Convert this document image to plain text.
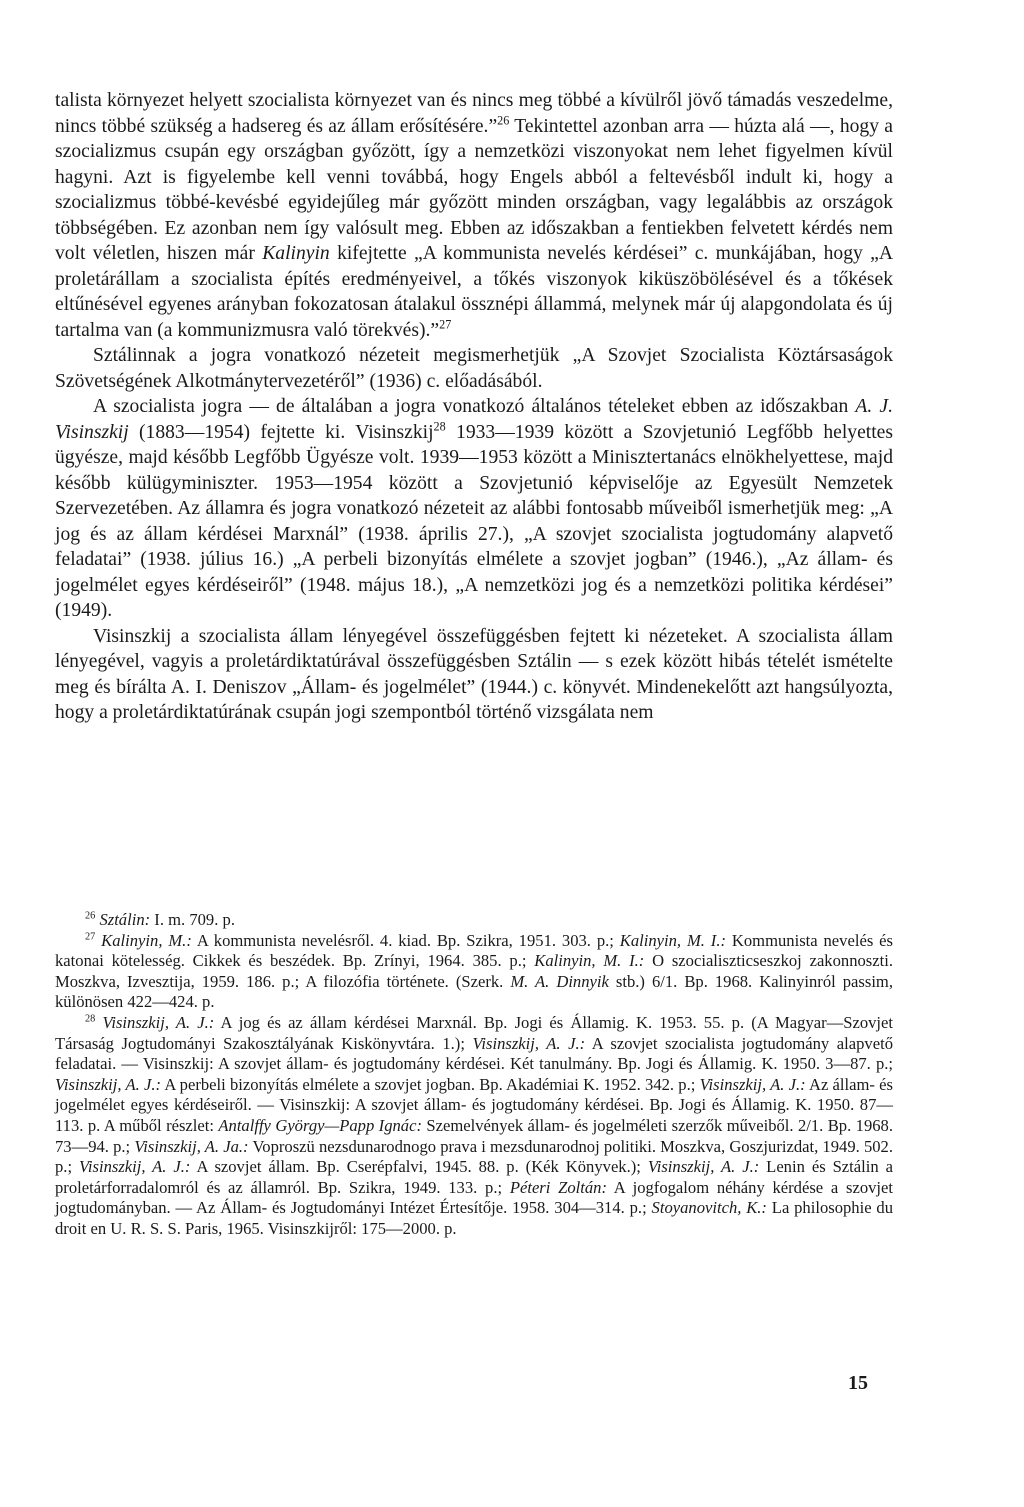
talista környezet helyett szocialista környezet van és nincs meg többé a kívülről jövő támadás veszedelme, nincs többé szükség a hadsereg és az állam erősítésére.”$^{26}$ Tekintettel azonban arra — húzta alá —, hogy a szocializmus csupán egy országban győzött, így a nemzetközi viszonyokat nem lehet figyelmen kívül hagyni. Azt is figyelembe kell venni továbbá, hogy Engels abból a feltevésből indult ki, hogy a szocializmus többé-kevésbé egyidejűleg már győzött minden országban, vagy legalábbis az országok többségében. Ez azonban nem így valósult meg. Ebben az időszakban a fentiekben felvetett kérdés nem volt véletlen, hiszen már Kalinyin kifejtette „A kommunista nevelés kérdései” c. munkájában, hogy „A proletárállam a szocialista építés eredményeivel, a tőkés viszonyok kiküszöbölésével és a tőkések eltűnésével egyenes arányban fokozatosan átalakul össznépi állammá, melynek már új alapgondolata és új tartalma van (a kommunizmusra való törekvés).”$^{27}$

Sztálinnak a jogra vonatkozó nézeteit megismerhetjük „A Szovjet Szocialista Köztársaságok Szövetségének Alkotmánytervezetéről” (1936) c. előadásából.

A szocialista jogra — de általában a jogra vonatkozó általános tételeket ebben az időszakban A. J. Visinszkij (1883—1954) fejtette ki. Visinszkij$^{28}$ 1933—1939 között a Szovjetunió Legfőbb helyettes ügyésze, majd később Legfőbb Ügyésze volt. 1939—1953 között a Minisztertanács elnökhelyettese, majd később külügyminiszter. 1953—1954 között a Szovjetunió képviselője az Egyesült Nemzetek Szervezetében. Az államra és jogra vonatkozó nézeteit az alábbi fontosabb műveiből ismerhetjük meg: „A jog és az állam kérdései Marxnál” (1938. április 27.), „A szovjet szocialista jogtudomány alapvető feladatai” (1938. július 16.) „A perbeli bizonyítás elmélete a szovjet jogban” (1946.), „Az állam- és jogelmélet egyes kérdéseiről” (1948. május 18.), „A nemzetközi jog és a nemzetközi politika kérdései” (1949).

Visinszkij a szocialista állam lényegével összefüggésben fejtett ki nézeteket. A szocialista állam lényegével, vagyis a proletárdiktatúrával összefüggésben Sztálin — s ezek között hibás tételét ismételte meg és bírálta A. I. Deniszov „Állam- és jogelmélet” (1944.) c. könyvét. Mindenekelőtt azt hangsúlyozta, hogy a proletárdiktatúrának csupán jogi szempontból történő vizsgálata nem

$^{26}$ Sztálin: I. m. 709. p.

$^{27}$ Kalinyin, M.: A kommunista nevelésről. 4. kiad. Bp. Szikra, 1951. 303. p.; Kalinyin, M. I.: Kommunista nevelés és katonai kötelesség. Cikkek és beszédek. Bp. Zrínyi, 1964. 385. p.; Kalinyin, M. I.: O szocialiszticseszkoj zakonnoszti. Moszkva, Izvesztija, 1959. 186. p.; A filozófia története. (Szerk. M. A. Dinnyik stb.) 6/1. Bp. 1968. Kalinyinról passim, különösen 422—424. p.

$^{28}$ Visinszkij, A. J.: A jog és az állam kérdései Marxnál. Bp. Jogi és Államig. K. 1953. 55. p. (A Magyar—Szovjet Társaság Jogtudományi Szakosztályának Kiskönyvtára. 1.); Visinszkij, A. J.: A szovjet szocialista jogtudomány alapvető feladatai. — Visinszkij: A szovjet állam- és jogtudomány kérdései. Két tanulmány. Bp. Jogi és Államig. K. 1950. 3—87. p.; Visinszkij, A. J.: A perbeli bizonyítás elmélete a szovjet jogban. Bp. Akadémiai K. 1952. 342. p.; Visinszkij, A. J.: Az állam- és jogelmélet egyes kérdéseiről. — Visinszkij: A szovjet állam- és jogtudomány kérdései. Bp. Jogi és Államig. K. 1950. 87—113. p. A műből részlet: Antalffy György—Papp Ignác: Szemelvények állam- és jogelméleti szerzők műveiből. 2/1. Bp. 1968. 73—94. p.; Visinszkij, A. Ja.: Voproszü nezsdunarodnogo prava i mezsdunarodnoj politiki. Moszkva, Goszjurizdat, 1949. 502. p.; Visinszkij, A. J.: A szovjet állam. Bp. Cserépfalvi, 1945. 88. p. (Kék Könyvek.); Visinszkij, A. J.: Lenin és Sztálin a proletárforradalomról és az államról. Bp. Szikra, 1949. 133. p.; Péteri Zoltán: A jogfogalom néhány kérdése a szovjet jogtudományban. — Az Állam- és Jogtudományi Intézet Értesítője. 1958. 304—314. p.; Stoyanovitch, K.: La philosophie du droit en U. R. S. S. Paris, 1965. Visinszkijről: 175—2000. p.

15
